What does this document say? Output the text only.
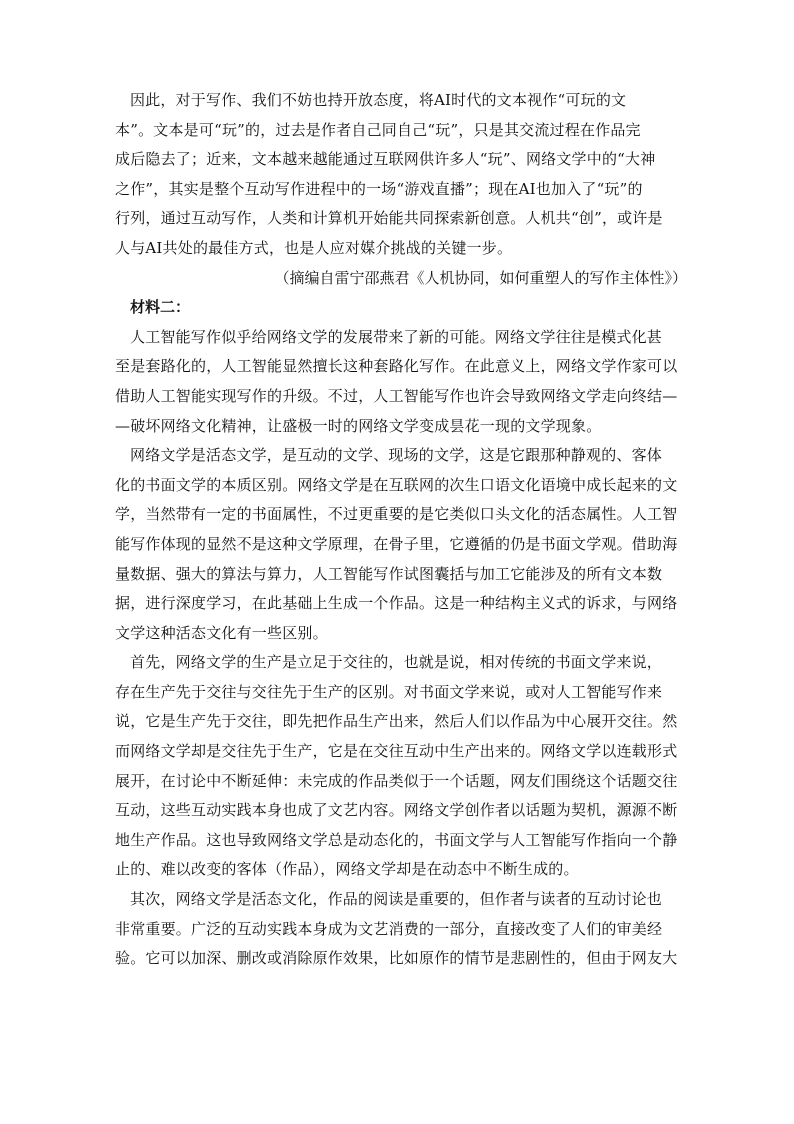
因此，对于写作、我们不妨也持开放态度，将AI时代的文本视作“可玩的文
本”。文本是可“玩”的，过去是作者自己同自己“玩”，只是其交流过程在作品完
成后隐去了；近来，文本越来越能通过互联网供许多人“玩”、网络文学中的“大神
之作”，其实是整个互动写作进程中的一场“游戏直播”；现在AI也加入了“玩”的
行列，通过互动写作，人类和计算机开始能共同探索新创意。人机共“创”，或许是
人与AI共处的最佳方式，也是人应对媒介挑战的关键一步。

（摘编自雷宁邵燕君《人机协同，如何重塑人的写作主体性》）

材料二：

人工智能写作似乎给网络文学的发展带来了新的可能。网络文学往往是模式化甚
至是套路化的，人工智能显然擅长这种套路化写作。在此意义上，网络文学作家可以
借助人工智能实现写作的升级。不过，人工智能写作也许会导致网络文学走向终结—
—破坏网络文化精神，让盛极一时的网络文学变成昙花一现的文学现象。

网络文学是活态文学，是互动的文学、现场的文学，这是它跟那种静观的、客体
化的书面文学的本质区别。网络文学是在互联网的次生口语文化语境中成长起来的文
学，当然带有一定的书面属性，不过更重要的是它类似口头文化的活态属性。人工智
能写作体现的显然不是这种文学原理，在骨子里，它遵循的仍是书面文学观。借助海
量数据、强大的算法与算力，人工智能写作试图囊括与加工它能涉及的所有文本数
据，进行深度学习，在此基础上生成一个作品。这是一种结构主义式的诉求，与网络
文学这种活态文化有一些区别。

首先，网络文学的生产是立足于交往的，也就是说，相对传统的书面文学来说，
存在生产先于交往与交往先于生产的区别。对书面文学来说，或对人工智能写作来
说，它是生产先于交往，即先把作品生产出来，然后人们以作品为中心展开交往。然
而网络文学却是交往先于生产，它是在交往互动中生产出来的。网络文学以连载形式
展开，在讨论中不断延伸：未完成的作品类似于一个话题，网友们围绕这个话题交往
互动，这些互动实践本身也成了文艺内容。网络文学创作者以话题为契机，源源不断
地生产作品。这也导致网络文学总是动态化的，书面文学与人工智能写作指向一个静
止的、难以改变的客体（作品），网络文学却是在动态中不断生成的。

其次，网络文学是活态文化，作品的阅读是重要的，但作者与读者的互动讨论也
非常重要。广泛的互动实践本身成为文艺消费的一部分，直接改变了人们的审美经
验。它可以加深、删改或消除原作效果，比如原作的情节是悲剧性的，但由于网友大
